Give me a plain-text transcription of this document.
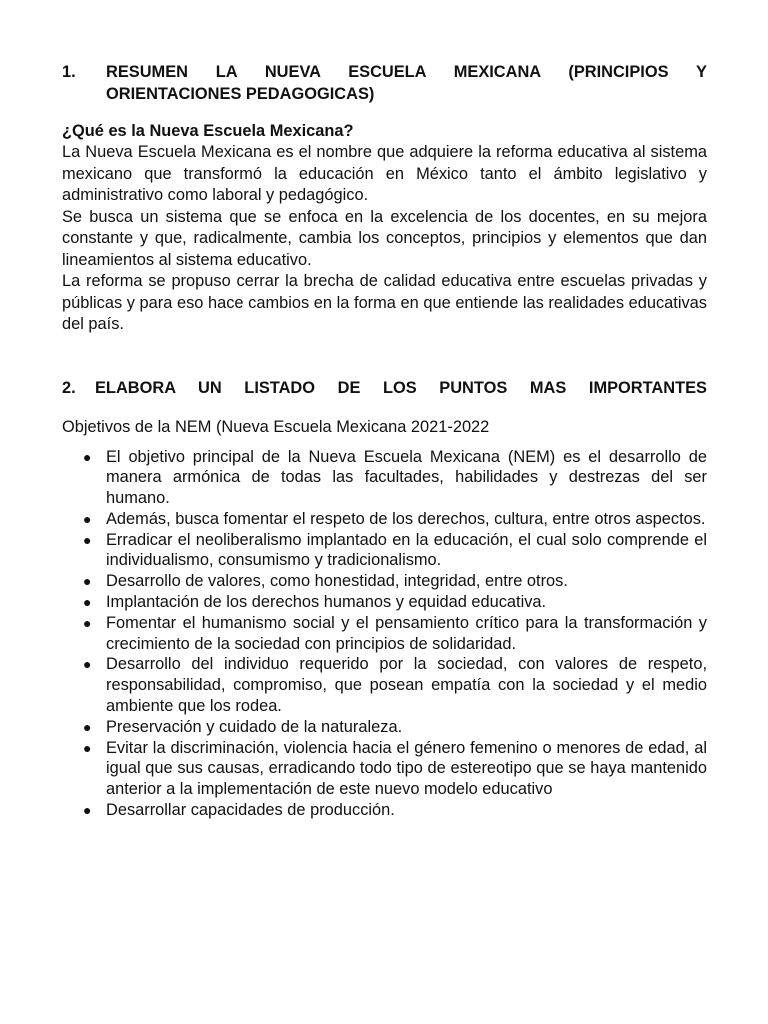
1.	RESUMEN LA NUEVA ESCUELA MEXICANA (PRINCIPIOS Y
ORIENTACIONES PEDAGOGICAS)
¿Qué es la Nueva Escuela Mexicana?

La Nueva Escuela Mexicana es el nombre que adquiere la reforma educativa al sistema mexicano que transformó la educación en México tanto el ámbito legislativo y administrativo como laboral y pedagógico.

Se busca un sistema que se enfoca en la excelencia de los docentes, en su mejora constante y que, radicalmente, cambia los conceptos, principios y elementos que dan lineamientos al sistema educativo.

La reforma se propuso cerrar la brecha de calidad educativa entre escuelas privadas y públicas y para eso hace cambios en la forma en que entiende las realidades educativas del país.

2.	ELABORA UN LISTADO DE LOS PUNTOS MAS IMPORTANTES
Objetivos de la NEM (Nueva Escuela Mexicana 2021-2022
● El objetivo principal de la Nueva Escuela Mexicana (NEM) es el desarrollo de manera armónica de todas las facultades, habilidades y destrezas del ser humano.
● Además, busca fomentar el respeto de los derechos, cultura, entre otros aspectos.
● Erradicar el neoliberalismo implantado en la educación, el cual solo comprende el individualismo, consumismo y tradicionalismo.
● Desarrollo de valores, como honestidad, integridad, entre otros.
● Implantación de los derechos humanos y equidad educativa.
● Fomentar el humanismo social y el pensamiento crítico para la transformación y crecimiento de la sociedad con principios de solidaridad.
● Desarrollo del individuo requerido por la sociedad, con valores de respeto, responsabilidad, compromiso, que posean empatía con la sociedad y el medio ambiente que los rodea.
● Preservación y cuidado de la naturaleza.
● Evitar la discriminación, violencia hacia el género femenino o menores de edad, al igual que sus causas, erradicando todo tipo de estereotipo que se haya mantenido anterior a la implementación de este nuevo modelo educativo
● Desarrollar capacidades de producción.
